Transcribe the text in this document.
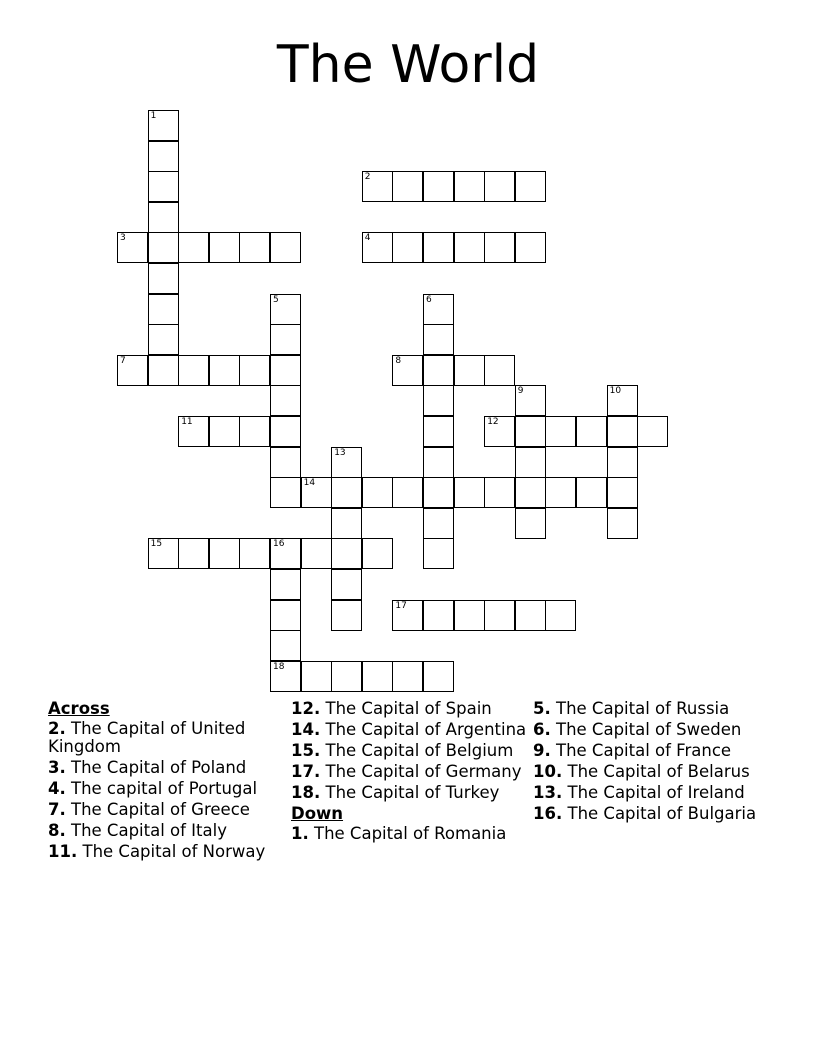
The World
1
2
3	4
5	6
7	8
9	10
11	12
13
14
15	16
18
17
Across
2. The Capital of United Kingdom
3. The Capital of Poland
4. The capital of Portugal
7. The Capital of Greece
8. The Capital of Italy
11. The Capital of Norway
12. The Capital of Spain
14. The Capital of Argentina
15. The Capital of Belgium
17. The Capital of Germany
18. The Capital of Turkey
Down
1. The Capital of Romania
5. The Capital of Russia
6. The Capital of Sweden
9. The Capital of France
10. The Capital of Belarus
13. The Capital of Ireland
16. The Capital of Bulgaria
